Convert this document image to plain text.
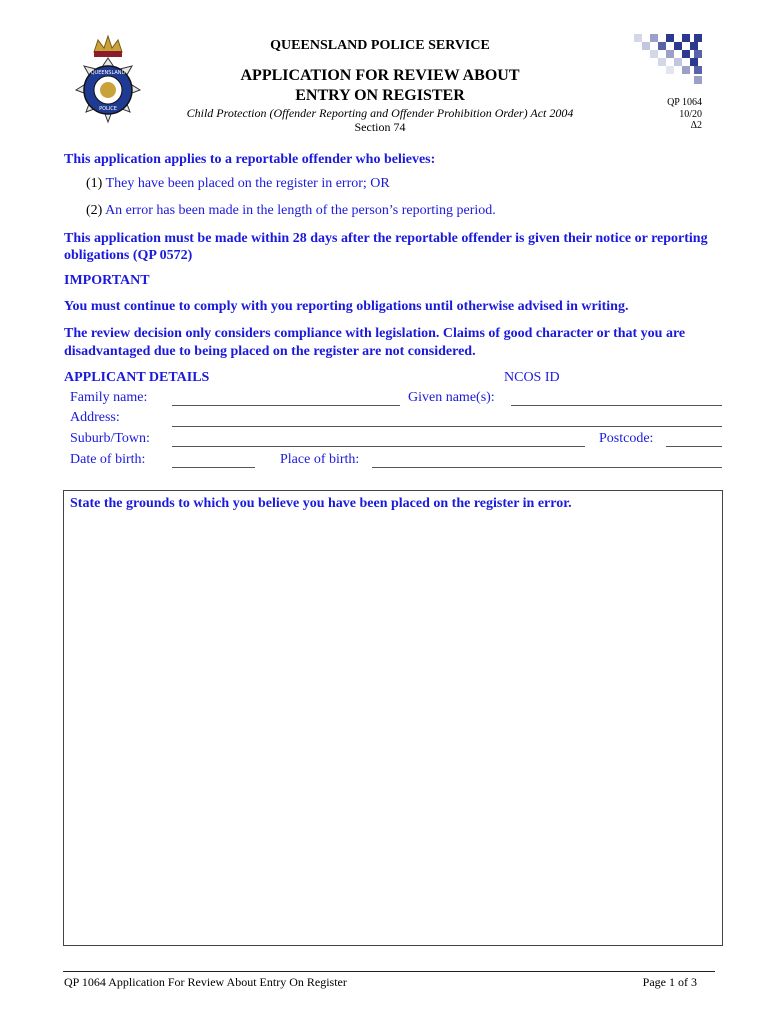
QUEENSLAND
POLICE
QUEENSLAND POLICE SERVICE
APPLICATION FOR REVIEW ABOUT
ENTRY ON REGISTER
Child Protection (Offender Reporting and Offender Prohibition Order) Act 2004
Section 74
QP 1064
10/20
Δ2
This application applies to a reportable offender who believes:
(1) They have been placed on the register in error; OR
(2) An error has been made in the length of the person’s reporting period.
This application must be made within 28 days after the reportable offender is given their notice or reporting obligations (QP 0572)
IMPORTANT
You must continue to comply with you reporting obligations until otherwise advised in writing.
The review decision only considers compliance with legislation. Claims of good character or that you are disadvantaged due to being placed on the register are not considered.
APPLICANT DETAILS	NCOS ID
Family name:	Given name(s):
Address:
Suburb/Town:	Postcode:
Date of birth:	Place of birth:
State the grounds to which you believe you have been placed on the register in error.
QP 1064 Application For Review About Entry On Register	Page 1 of 3
